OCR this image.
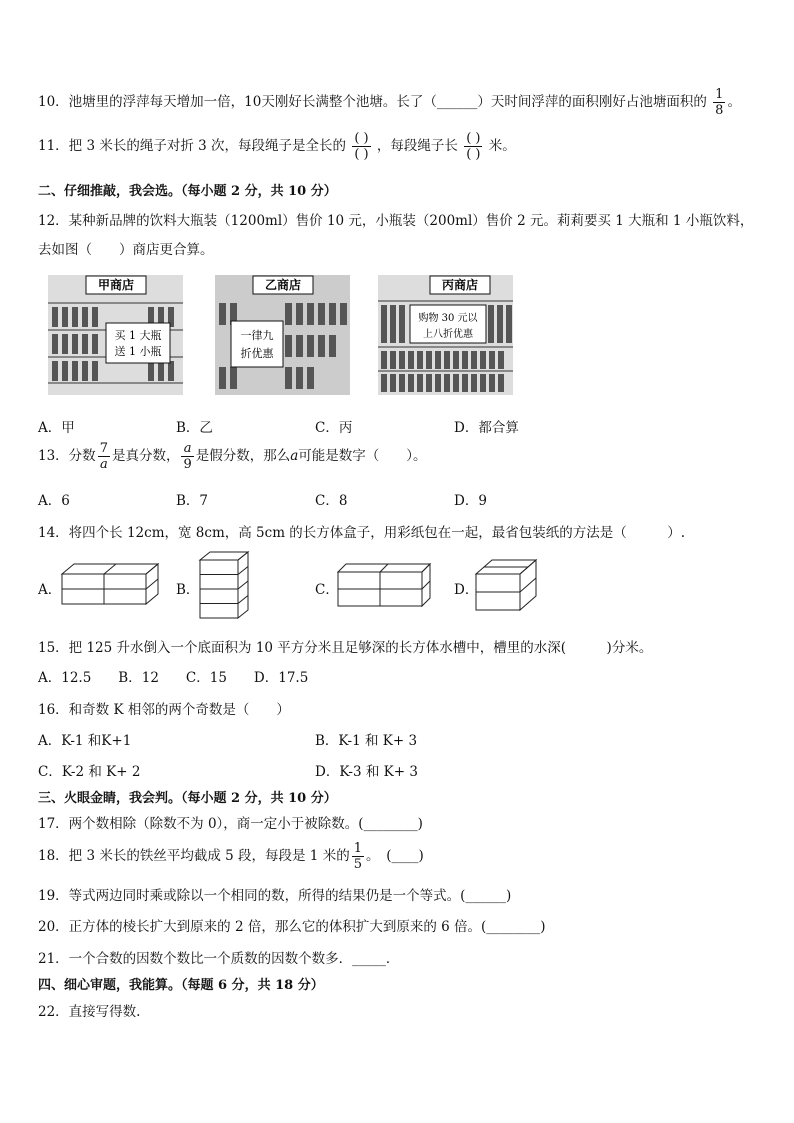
10．池塘里的浮萍每天增加一倍，10天刚好长满整个池塘。长了（______）天时间浮萍的面积刚好占池塘面积的 $\frac{1}{8}$ 。
11．把 3 米长的绳子对折 3 次，每段绳子是全长的 $\frac{( )}{( )}$ ，每段绳子长 $\frac{( )}{( )}$ 米。
二、仔细推敲，我会选。（每小题 2 分，共 10 分）
12．某种新品牌的饮料大瓶装（1200ml）售价 10 元，小瓶装（200ml）售价 2 元。莉莉要买 1 大瓶和 1 小瓶饮料，
去如图（　　）商店更合算。
甲商店
买 1 大瓶
送 1 小瓶
乙商店
一律九
折优惠
丙商店
购物 30 元以
上八折优惠
A．甲	B．乙	C．丙	D．都合算
13．分数 $\frac{7}{a}$ 是真分数， $\frac{a}{9}$ 是假分数，那么a可能是数字（　　）。
A．6	B．7	C．8	D．9
14．将四个长 12cm，宽 8cm，高 5cm 的长方体盒子，用彩纸包在一起，最省包装纸的方法是（　　　）.
A．	B．	C．	D．
15．把 125 升水倒入一个底面积为 10 平方分米且足够深的长方体水槽中，槽里的水深(　　　)分米。
A．12.5　　B．12　　C．15　　D．17.5
16．和奇数 K 相邻的两个奇数是（　　）
A．K-1 和K+1	B．K-1 和 K+ 3
C．K-2 和 K+ 2	D．K-3 和 K+ 3
三、火眼金睛，我会判。（每小题 2 分，共 10 分）
17．两个数相除（除数不为 0），商一定小于被除数。(________)
18．把 3 米长的铁丝平均截成 5 段，每段是 1 米的 $\frac{1}{5}$ 。　(____)
19．等式两边同时乘或除以一个相同的数，所得的结果仍是一个等式。(______)
20．正方体的棱长扩大到原来的 2 倍，那么它的体积扩大到原来的 6 倍。(________)
21．一个合数的因数个数比一个质数的因数个数多．_____．
四、细心审题，我能算。（每题 6 分，共 18 分）
22．直接写得数.
